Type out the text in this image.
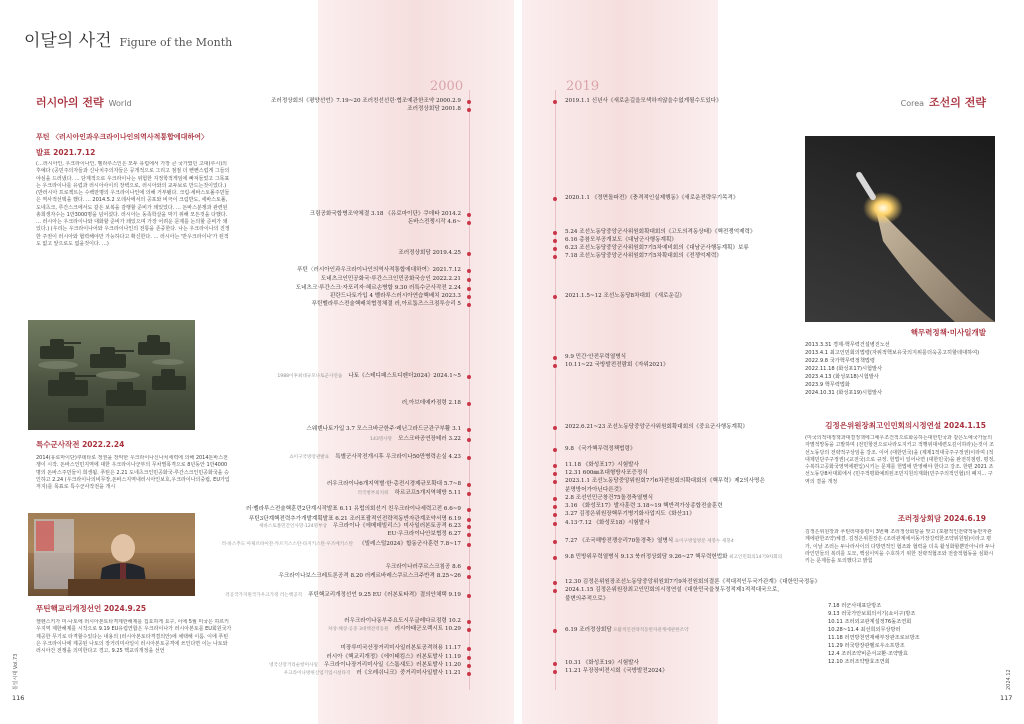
이달의 사건 Figure of the Month
2000	2019
러시아의 전략 World
푸틴 〈러시아인과우크라이나인의역사적통합에대하여〉
발표 2021.7.12
(…러시아인, 우크라이나인, 벨라루스인은 모두 유럽에서 가장 큰 국가였던 고대(루시)의 후예다 (공민주의자들과 신나치주의자들은 공개적으로 그리고 점점 더 뻔뻔스럽게 그들의 야심을 드러냈다. … 단계적으로 우크라이나는 위험한 지정학적게임에 빠져들었고 그목표는 우크라이나를 유럽과 러시아사이의 장벽으로, 러시아와의 교두보로 만드는것이었다.) (반러시아 프로젝트는 수백만명의 우크라이나인에 의해 거부됐다. 크림·세바스토폴주민들은 역사적선택을 했다. … 2014.5.2 오데사에서의 공포와 비극이 크림반도, 세바스토폴, 도네츠크, 루간스크에서도 같은 보복을 감행할 준비가 돼있었다. … 돈바스분쟁과 관련된 총희생자수는 1만3000명을 넘어섰다. 러시아는 동족학살을 막기 위해 모든것을 다했다. … 러시아는 우크라이나와 대화할 준비가 돼있으며 가장 어려운 문제를 논의할 준비가 돼있다.) (우리는 우크라이나어와 우크라이나인의 전통을 존중한다. 나는 우크라이나의 진정한 주권이 러시아와 협력해야만 가능하다고 확신한다. … 러시아는 '반우크라이나'가 된적도 없고 앞으로도 없을것이다. …)
특수군사작전 2022.2.24
2014(유로마이단)쿠데타로 정권을 장악한 우크라이나신나치세력에 의해 2014돈바스전쟁이 시작. 돈바스인민지역에 대한 우크라이나군부의 무차별폭격으로 8년동안 1만4000명의 돈바스주민들이 희생됨. 푸틴은 2.21 도네츠크인민공화국·루간스크인민공화국을 승인하고 2.24 (우크라이나의비무장,돈바스지역내러시아인보호,우크라이나의중립, EU가입저지)를 목표로 특수군사작전을 개시
푸틴핵교리개정선언 2024.9.25
젤렌스키가 미·나토에 러시아본토타격제한해제를 집요하게 요구, 이에 5월 미국은 하르키우지역 제한해제를 시작으로 9.19 EU유럽연합은 우크라이나가 러시아본토를 EU회원국가 제공한 무기로 타격할수있다는 내용의 (러시아본토타격결의안)에 채택해 이룸. 이에 푸틴은 우크라이나에 제공된 나토의 장거리미사일이 러시아본토공격에 쓰인다면 이는 나토와 러시아간 전쟁을 의미한다고 경고, 9.25 핵교리개정을 선언
통일시대 Vol.73
116
조러정상회의《평양선언》7.19~20 조러친선선린·협조예관한조약 2000.2.9
조러정상회담 2001.8
크림공화국합병조약체결 3.18 《유로마이단》쿠데타 2014.2
돈바스전쟁시작 4.6~
조러정상회담 2019.4.25
푸틴〈러시아인과우크라이나인의역사적통합에대하여〉2021.7.12
도네츠크인민공화국·루간스크인민공화국승인 2022.2.21
도네츠크·루간스크·자포리자·헤르손병합 9.30 러특수군사작전 2.24
핀란드나토가입 4 벨라루스러시아연습핵배치 2023.3
푸틴벨라루스전술핵배치협정체결 러,아르툼즈스크점투승리 5
1988이후최대규모나토군사연습 나토《스테디패스트디펜더2024》2024.1~5
러,아브데예카점령 2.18
스웨덴나토가입 3.7 모스크바군한주·레닌그라드군관구부활 3.1
143명사망 모스크바공연장테러 3.22
쇼이구국방장관발표 특별군사작전개시후 우크라이나50만병력손실 4.23
러우크라이나6개지역별·한·총전시경제규모확대 5.7~8
러국방부외치워 하르코프5개지역해방 5.11
러·벨라루스전술핵훈련2단계시작발표 6.11 유럽의회선거 친우크라이나세력고전 6.6~9
푸틴3단계핵전력추가개발계획발표 6.21 조러포괄적인전략적동반자관계조약서명 6.19
세바스토폴민간인사망·124명부상 우크라이나《에메데빌리스》미사일러본토공격 6.23
EU·우크라이나안보협정 6.27
러·바스추도 아제르바이잔·카르기스스탄·타지키스탄·우즈베키스탄 《빌레스털2024》합동군사훈련 7.8~17
우크라이나러쿠르스크침공 8.6
우크라이나보스크레트론공격 8.20 러케르바레스쿠르스크주반격 8.25~26
러공국가지원국가우크가정 러는핵공격 푸틴핵교리개정선언 9.25 EU《러본토타격》결의안채택 9.19
러우크라이나동부주요도시우글레다르점령 10.2
차상·해상·공중 3대핵전력동원 러시아태군오렉시트 10.29
미장루미국산장거리미사일러본토공격허용 11.17
러시아《핵교리개정》《에이태킴스》러본토발사 11.19
영국산장거리순항미사일 우크라이나장거리미사일《스톰섀도》러본토발사 11.20
우크라이나방위산업기업시설타격 러《오레쉬니크》중거리미사일발사 11.21
2019.1.1 신년사《새로운길을모색하지않을수없게될수도있다》
2020.1.1 《정면돌파전》《충격적인실제행동》《새로운전략무기목격》
5.24 조선노동당중앙군사위원회확대회의《고도의격동상태》《핵전쟁억제력》
6.16 총참모부공개보도《대남군사행동계획》
6.23 조선노동당중앙군사위원회7기5차예비회의《대남군사행동계획》보류
7.18 조선노동당중앙군사위원회7기5차확대회의《전쟁억제력》
2021.1.5~12 조선노동당8차대회 《새로운길》
9.9 민간·안전무력열병식
10.11~22 국방발전전람회《자위2021》
2022.6.21~23 조선노동당중앙군사위원회확대회의《중요군사행동계획》
9.8 《국가핵무력정책법령》
11.18 《화성포17》시험발사
12.31 600㎜초대형방사포증정식
2023.1.1 조선노동당중앙위원회7기6차전원회의확대회의《핵무력》제2의사명은
분명방어가아닌다른것》
2.8 조선인민군창건75돌경축열병식
3.16 《화성포17》발사훈련 3.18~19 핵반격가상종합전술훈련
3.27 김정은위원장핵무기병기화사업지도《화산31》
4.13·7.12 《화성포18》시험발사
7.27 《조국해방전쟁승리70돌경축》열병식 쇼이구방업방문 세붕누 세붕4
9.8 민방위무력열병식 9.13 북러정상회담 9.26~27 핵무력헌법화 최고인민회의14기9차회의
12.30 김정은위원장조선노동당중앙위원회7기9차전원회의결론《적대적인두국가관계》《대한민국정동》
2024.1.15 김정은위원장최고인민회의시정연설《대한민국을첫두정적제1적적대국으로,
불변의주적으로》
6.19 조러정상회담 포괄적인전략적동반자관계에관한조약
10.31 《화성포19》시험발사
11.21 무장장비전시회《국방발전2024》
Corea 조선의 전략
핵무력정책·미사일개발
2013.3.31 경제·핵무력건설병진노선
2013.4.1 최고인민회의법령(자위적핵보유국의지위를더욱공고히할데대하여)
2022.9.8 국가핵무력정책법령
2022.11.18 (화성포17)시험발사
2023.4.13 (화성포18)시험발사
2023.9 핵무력법화
2024.10.31 (화성포19)시험발사
김정은위원장최고인민회의시정연설 2024.1.15
(미국의적대정책과대결정책에그예우조건적으로화응하는대한민국과 같은노예국가들의자멸적망동을 고발하며 (전민항전으로나라도지키고 적행위대세련도깊이하라)는것이 조선노동당의 전략적구상임을 강조. 이어 (대한민국)을 (제제1적대국주구정권)이라며 (적대제민단주구정권)·(교전국)으로 규정. 헌법이 일어나면 (대한민국)을 완전히점령, 평정, 수복하고공화국영역에편입)시키는 문제를 헌법에 반영해야 한다고 강조. 한편 2021 조선노동당8차대회에서 (민주적평화예외된조민지원의재화(민주주의적인협)의 폐지... 구역의 결을 개정
조러정상회담 2024.6.19
김정은위원장과 푸틴러대통령이 3번째 조러정상회담을 맞고 (포괄적인전략적동반자관계에관한조약)체결. 김정은위원장은 (조러관계에서동가장강력한조약위원범)이라고 평가, 이날 조러는 두나라사이의 다방면적인 협조와 협력을 더욱 활성화할뿐만아니라 두나라인민들의 복리를 도모, 핵심이익을 수호하기 위한 전략적협조와 전술적협동을 심화시키는 문제들을 토의했다고 밝힘
7.18 러군사대표단방조
9.13 러국가안보회의서기(쇼이구)방조
10.11 조러외교관계설정76돌조연회
10.28~11.4 최선희외무상방러
11.18 러연방천연재해부장관조로브방조
11.29 러국방장관벨로우소프방조
12.4 조러조약비준서교환·조약발효
12.10 조러조약발효조연회
2024.12
117
